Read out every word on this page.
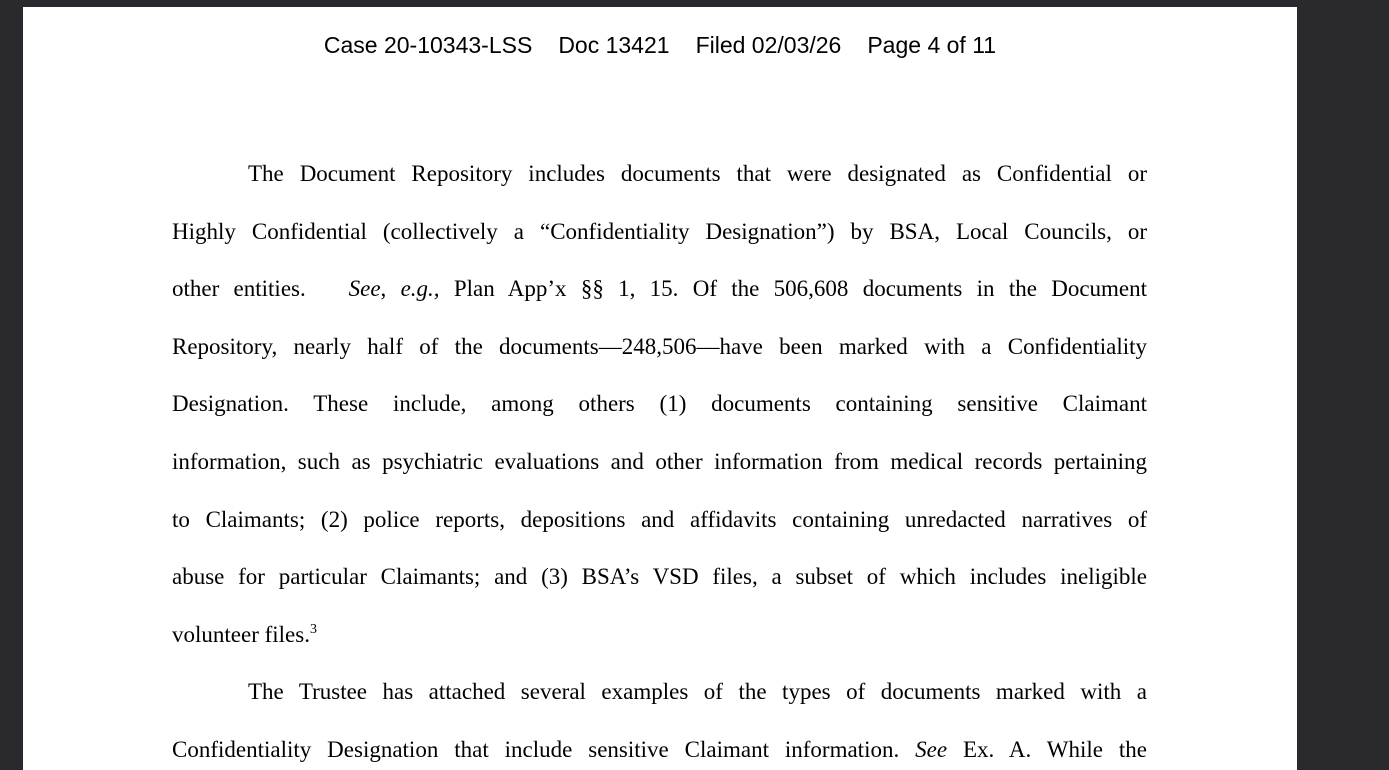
Case 20-10343-LSS Doc 13421 Filed 02/03/26 Page 4 of 11
The Document Repository includes documents that were designated as Confidential or
Highly Confidential (collectively a “Confidentiality Designation”) by BSA, Local Councils, or
other entities. See, e.g., Plan App’x §§ 1, 15. Of the 506,608 documents in the Document
Repository, nearly half of the documents—248,506—have been marked with a Confidentiality
Designation. These include, among others (1) documents containing sensitive Claimant
information, such as psychiatric evaluations and other information from medical records pertaining
to Claimants; (2) police reports, depositions and affidavits containing unredacted narratives of
abuse for particular Claimants; and (3) BSA’s VSD files, a subset of which includes ineligible
volunteer files.$^3$
The Trustee has attached several examples of the types of documents marked with a
Confidentiality Designation that include sensitive Claimant information. See Ex. A. While the
